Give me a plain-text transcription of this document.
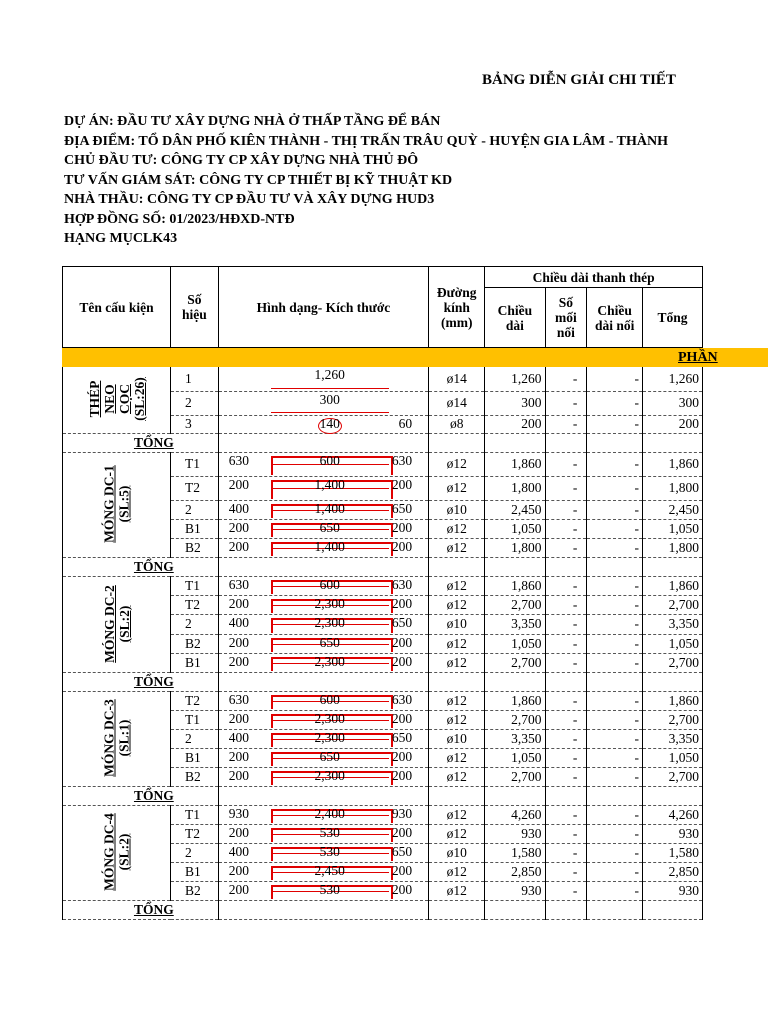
BẢNG DIỄN GIẢI CHI TIẾT
DỰ ÁN: ĐẦU TƯ XÂY DỰNG NHÀ Ở THẤP TẦNG ĐỂ BÁN
ĐỊA ĐIỂM: TỔ DÂN PHỐ KIÊN THÀNH - THỊ TRẤN TRÂU QUỲ - HUYỆN GIA LÂM - THÀNH
CHỦ ĐẦU TƯ: CÔNG TY CP XÂY DỰNG NHÀ THỦ ĐÔ
TƯ VẤN GIÁM SÁT: CÔNG TY CP THIẾT BỊ KỸ THUẬT KD
NHÀ THẦU: CÔNG TY CP ĐẦU TƯ VÀ XÂY DỰNG HUD3
HỢP ĐỒNG SỐ: 01/2023/HĐXD-NTĐ
HẠNG MỤCLK43
PHẦN
Tên cấu kiện	Số hiệu	Hình dạng- Kích thước	Đường kính (mm)	Chiều dài thanh thép			
				Chiều dài	Số mối nối	Chiều dài nối	Tổng

THÉP NEO CỌC (SL:26)	1	1,260	ø14	1,260	-	-	1,260
	2	300	ø14	300	-	-	300
	3	140 60	ø8	200	-	-	200
TỔNG							
MÓNG DC-1 (SL:5)	T1	630 600 630	ø12	1,860	-	-	1,860
	T2	200 1,400 200	ø12	1,800	-	-	1,800
	2	400 1,400 650	ø10	2,450	-	-	2,450
	B1	200 650 200	ø12	1,050	-	-	1,050
	B2	200 1,400 200	ø12	1,800	-	-	1,800
TỔNG							
MÓNG DC-2 (SL:2)	T1	630 600 630	ø12	1,860	-	-	1,860
	T2	200 2,300 200	ø12	2,700	-	-	2,700
	2	400 2,300 650	ø10	3,350	-	-	3,350
	B2	200 650 200	ø12	1,050	-	-	1,050
	B1	200 2,300 200	ø12	2,700	-	-	2,700
TỔNG							
MÓNG DC-3 (SL:1)	T2	630 600 630	ø12	1,860	-	-	1,860
	T1	200 2,300 200	ø12	2,700	-	-	2,700
	2	400 2,300 650	ø10	3,350	-	-	3,350
	B1	200 650 200	ø12	1,050	-	-	1,050
	B2	200 2,300 200	ø12	2,700	-	-	2,700
TỔNG							
MÓNG DC-4 (SL:2)	T1	930 2,400 930	ø12	4,260	-	-	4,260
	T2	200 530 200	ø12	930	-	-	930
	2	400 530 650	ø10	1,580	-	-	1,580
	B1	200 2,450 200	ø12	2,850	-	-	2,850
	B2	200 530 200	ø12	930	-	-	930
TỔNG							
